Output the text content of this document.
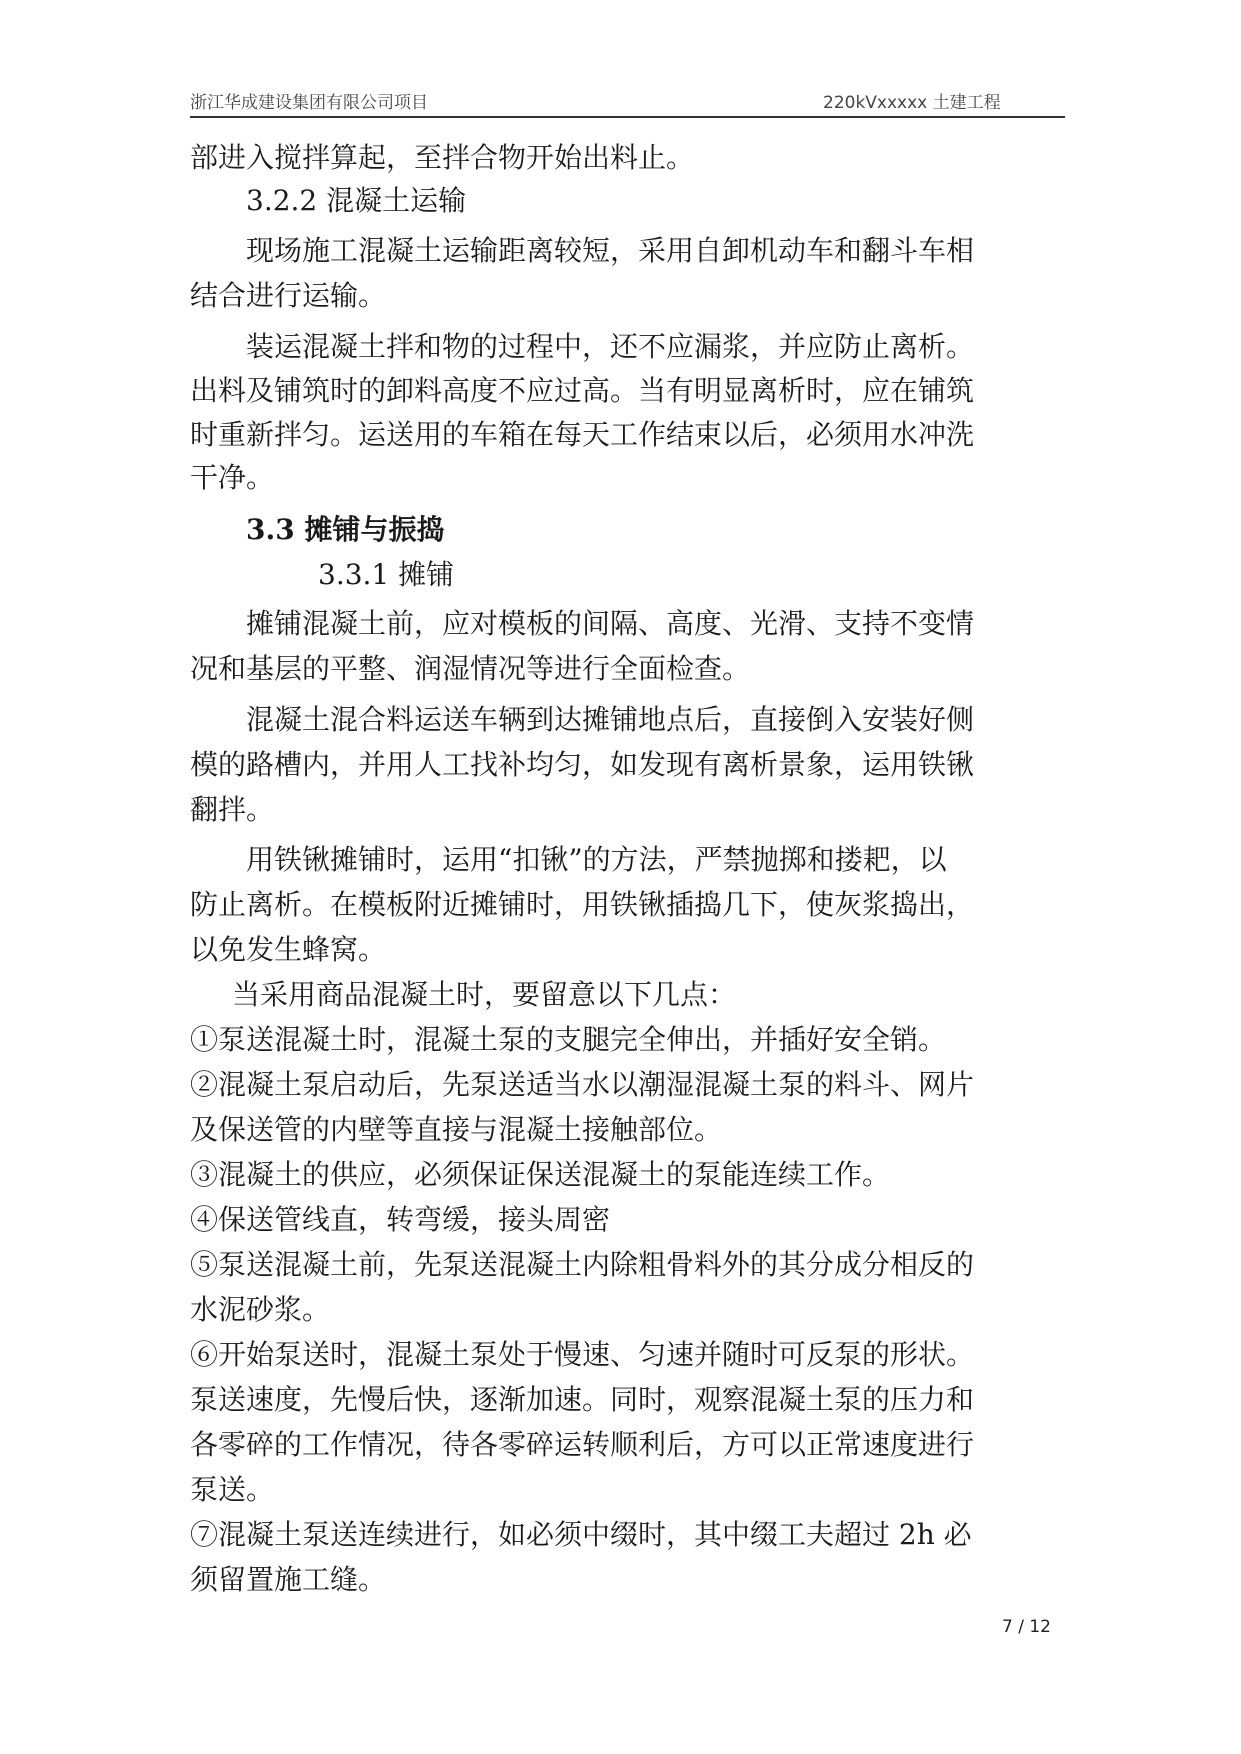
浙江华成建设集团有限公司项目	220kVxxxxx 土建工程
部进入搅拌算起，至拌合物开始出料止。
3.2.2 混凝土运输
现场施工混凝土运输距离较短，采用自卸机动车和翻斗车相
结合进行运输。
装运混凝土拌和物的过程中，还不应漏浆，并应防止离析。
出料及铺筑时的卸料高度不应过高。当有明显离析时，应在铺筑
时重新拌匀。运送用的车箱在每天工作结束以后，必须用水冲洗
干净。
3.3 摊铺与振捣
3.3.1 摊铺
摊铺混凝土前，应对模板的间隔、高度、光滑、支持不变情
况和基层的平整、润湿情况等进行全面检查。
混凝土混合料运送车辆到达摊铺地点后，直接倒入安装好侧
模的路槽内，并用人工找补均匀，如发现有离析景象，运用铁锹
翻拌。
用铁锹摊铺时，运用“扣锹”的方法，严禁抛掷和搂耙，以
防止离析。在模板附近摊铺时，用铁锹插捣几下，使灰浆捣出，
以免发生蜂窝。
当采用商品混凝土时，要留意以下几点：
①泵送混凝土时，混凝土泵的支腿完全伸出，并插好安全销。
②混凝土泵启动后，先泵送适当水以潮湿混凝土泵的料斗、网片
及保送管的内壁等直接与混凝土接触部位。
③混凝土的供应，必须保证保送混凝土的泵能连续工作。
④保送管线直，转弯缓，接头周密
⑤泵送混凝土前，先泵送混凝土内除粗骨料外的其分成分相反的
水泥砂浆。
⑥开始泵送时，混凝土泵处于慢速、匀速并随时可反泵的形状。
泵送速度，先慢后快，逐渐加速。同时，观察混凝土泵的压力和
各零碎的工作情况，待各零碎运转顺利后，方可以正常速度进行
泵送。
⑦混凝土泵送连续进行，如必须中缀时，其中缀工夫超过 2h 必
须留置施工缝。
7 / 12
